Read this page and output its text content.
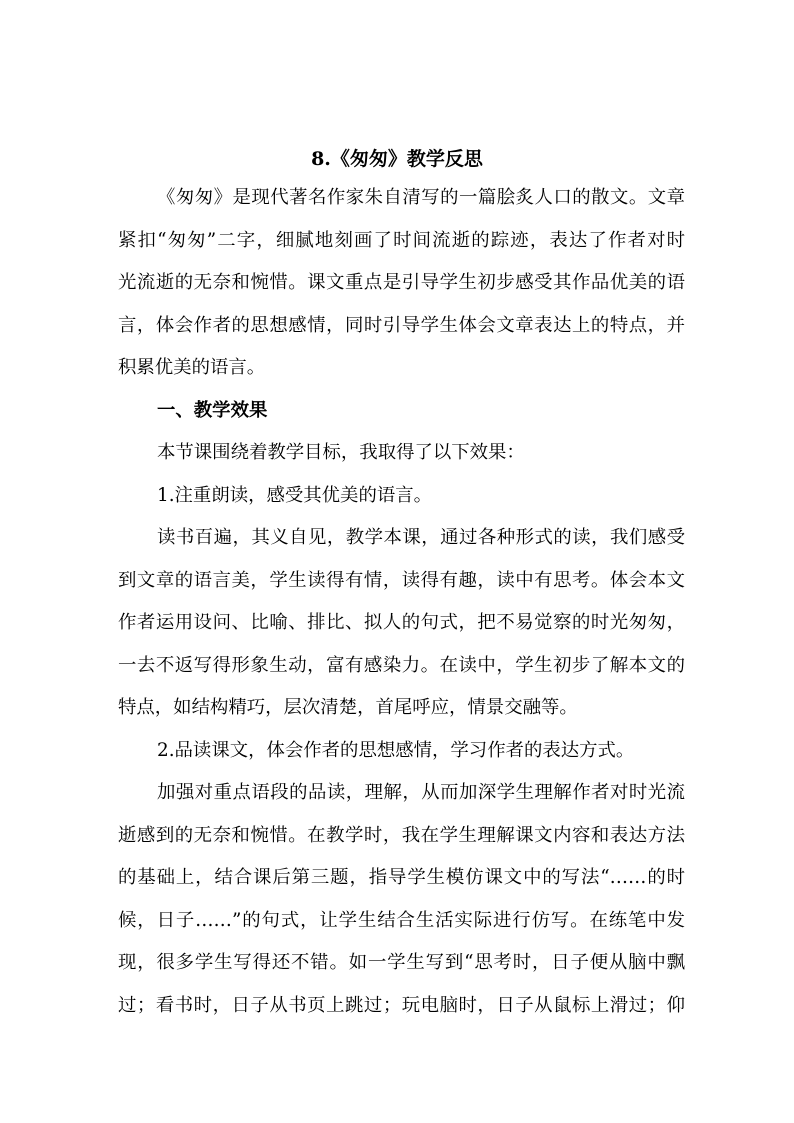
8.《匆匆》教学反思
《匆匆》是现代著名作家朱自清写的一篇脍炙人口的散文。文章
紧扣“匆匆”二字，细腻地刻画了时间流逝的踪迹，表达了作者对时
光流逝的无奈和惋惜。课文重点是引导学生初步感受其作品优美的语
言，体会作者的思想感情，同时引导学生体会文章表达上的特点，并
积累优美的语言。
一、教学效果
本节课围绕着教学目标，我取得了以下效果：
1.注重朗读，感受其优美的语言。
读书百遍，其义自见，教学本课，通过各种形式的读，我们感受
到文章的语言美，学生读得有情，读得有趣，读中有思考。体会本文
作者运用设问、比喻、排比、拟人的句式，把不易觉察的时光匆匆，
一去不返写得形象生动，富有感染力。在读中，学生初步了解本文的
特点，如结构精巧，层次清楚，首尾呼应，情景交融等。
2.品读课文，体会作者的思想感情，学习作者的表达方式。
加强对重点语段的品读，理解，从而加深学生理解作者对时光流
逝感到的无奈和惋惜。在教学时，我在学生理解课文内容和表达方法
的基础上，结合课后第三题，指导学生模仿课文中的写法“……的时
候，日子……”的句式，让学生结合生活实际进行仿写。在练笔中发
现，很多学生写得还不错。如一学生写到“思考时，日子便从脑中飘
过；看书时，日子从书页上跳过；玩电脑时，日子从鼠标上滑过；仰
